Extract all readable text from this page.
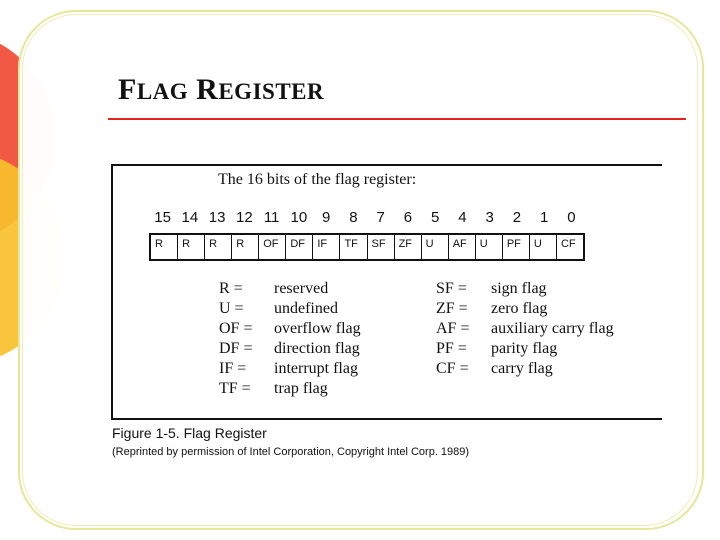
FLAG REGISTER

The 16 bits of the flag register:

15 14 13 12 11 10 9	8	7	6	5	4	3	2	1	0
R	R	R	R	OF	DF	IF	TF	SF	ZF	U	AF	U	PF	U	CF
R = reserved
U = undefined
OF = overflow flag
DF = direction flag
IF = interrupt flag
TF = trap flag
SF = sign flag
ZF = zero flag
AF = auxiliary carry flag
PF = parity flag
CF = carry flag

Figure 1-5. Flag Register

(Reprinted by permission of Intel Corporation, Copyright Intel Corp. 1989)
